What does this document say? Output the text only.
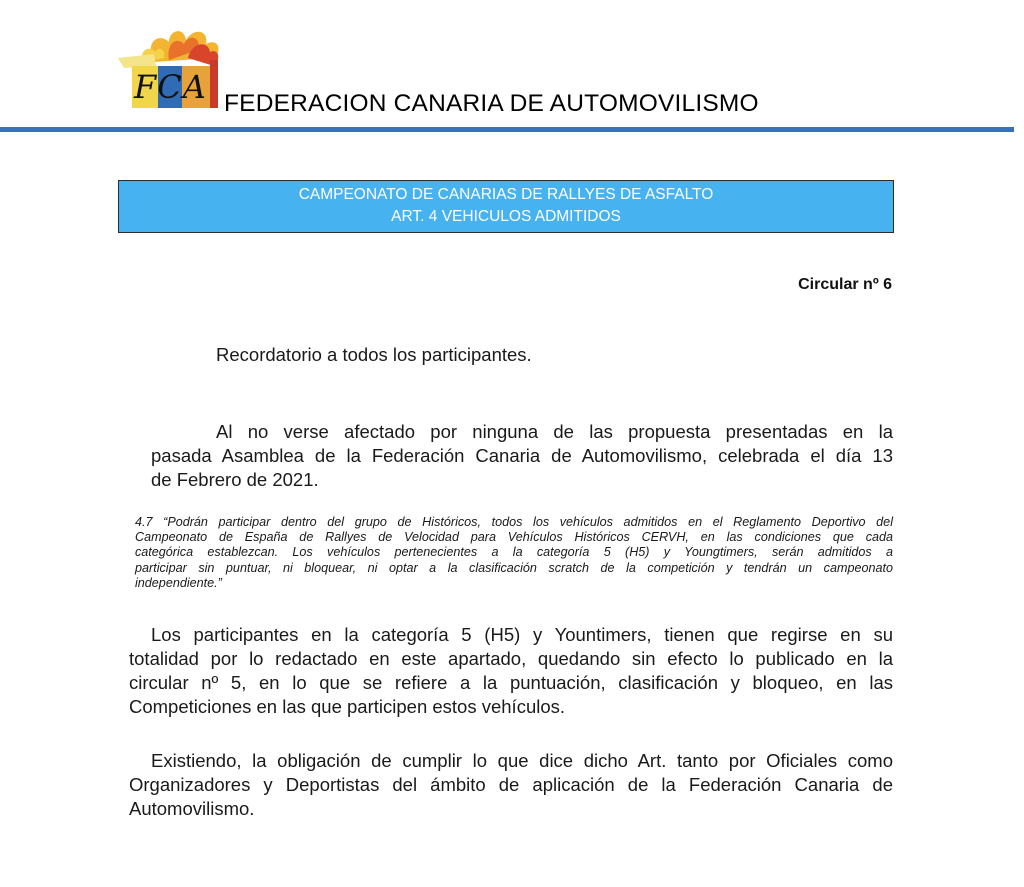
FCA FEDERACION CANARIA DE AUTOMOVILISMO
CAMPEONATO DE CANARIAS DE RALLYES DE ASFALTO
ART. 4 VEHICULOS ADMITIDOS
Circular nº 6
Recordatorio a todos los participantes.
Al no verse afectado por ninguna de las propuesta presentadas en la
pasada Asamblea de la Federación Canaria de Automovilismo, celebrada el día 13
de Febrero de 2021.
4.7 “Podrán participar dentro del grupo de Históricos, todos los vehículos admitidos en el Reglamento Deportivo del
Campeonato de España de Rallyes de Velocidad para Vehículos Históricos CERVH, en las condiciones que cada
categórica establezcan. Los vehículos pertenecientes a la categoría 5 (H5) y Youngtimers, serán admitidos a
participar sin puntuar, ni bloquear, ni optar a la clasificación scratch de la competición y tendrán un campeonato
independiente.”
Los participantes en la categoría 5 (H5) y Yountimers, tienen que regirse en su
totalidad por lo redactado en este apartado, quedando sin efecto lo publicado en la
circular nº 5, en lo que se refiere a la puntuación, clasificación y bloqueo, en las
Competiciones en las que participen estos vehículos.
Existiendo, la obligación de cumplir lo que dice dicho Art. tanto por Oficiales como
Organizadores y Deportistas del ámbito de aplicación de la Federación Canaria de
Automovilismo.
